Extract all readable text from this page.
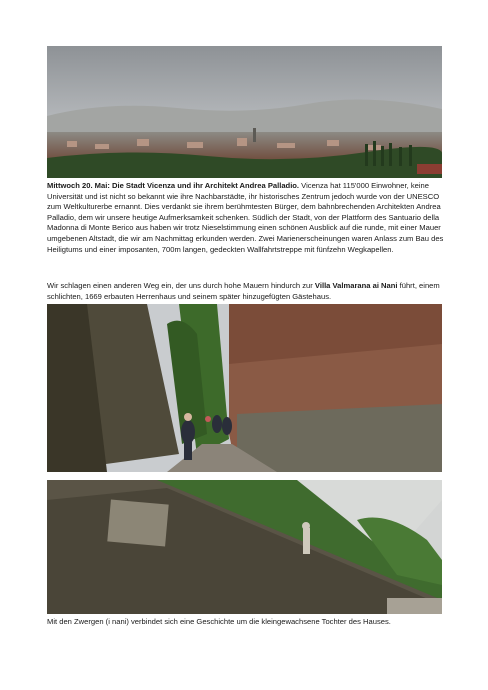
Mittwoch 20. Mai: Die Stadt Vicenza und ihr Architekt Andrea Palladio. Vicenza hat 115'000 Einwohner, keine Universität und ist nicht so bekannt wie ihre Nachbarstädte, ihr historisches Zentrum jedoch wurde von der UNESCO zum Weltkulturerbe ernannt. Dies verdankt sie ihrem berühmtesten Bürger, dem bahnbrechenden Architekten Andrea Palladio, dem wir unsere heutige Aufmerksamkeit schenken. Südlich der Stadt, von der Plattform des Santuario della Madonna di Monte Berico aus haben wir trotz Nieselstimmung einen schönen Ausblick auf die runde, mit einer Mauer umgebenen Altstadt, die wir am Nachmittag erkunden werden. Zwei Marienerscheinungen waren Anlass zum Bau des Heiligtums und einer imposanten, 700m langen, gedeckten Wallfahrtstreppe mit fünfzehn Wegkapellen.

Wir schlagen einen anderen Weg ein, der uns durch hohe Mauern hindurch zur Villa Valmarana ai Nani führt, einem schlichten, 1669 erbauten Herrenhaus und seinem später hinzugefügten Gästehaus.

Mit den Zwergen (i nani) verbindet sich eine Geschichte um die kleingewachsene Tochter des Hauses.
